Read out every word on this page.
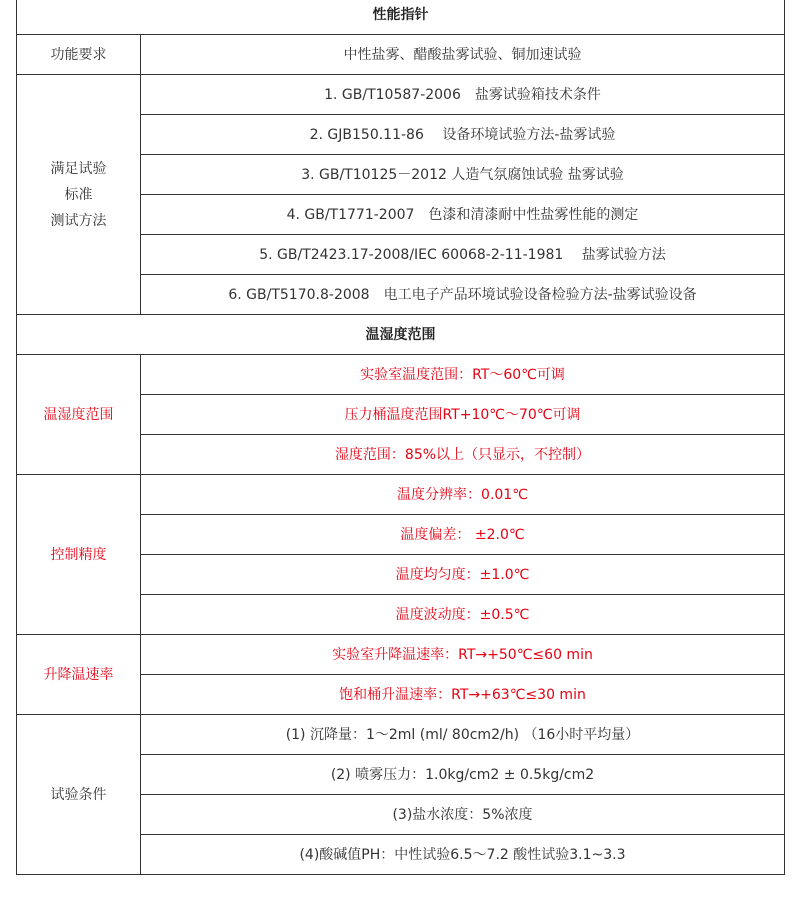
性能指针	
功能要求	中性盐雾、醋酸盐雾试验、铜加速试验

满足试验
标准
测试方法	1. GB/T10587-2006　盐雾试验箱技术条件
	2. GJB150.11-86　 设备环境试验方法-盐雾试验
	3. GB/T10125－2012 人造气氛腐蚀试验 盐雾试验
	4. GB/T1771-2007　色漆和清漆耐中性盐雾性能的测定
	5. GB/T2423.17-2008/IEC 60068-2-11-1981　 盐雾试验方法
	6. GB/T5170.8-2008　电工电子产品环境试验设备检验方法-盐雾试验设备
温湿度范围	
温湿度范围	实验室温度范围：RT～60℃可调
	压力桶温度范围RT+10℃～70℃可调
	湿度范围：85%以上（只显示，不控制）
控制精度	温度分辨率：0.01℃
	温度偏差： ±2.0℃
	温度均匀度：±1.0℃
	温度波动度：±0.5℃
升降温速率	实验室升降温速率：RT→+50℃≤60 min
	饱和桶升温速率：RT→+63℃≤30 min
试验条件	(1) 沉降量：1～2ml (ml/ 80cm2/h) （16小时平均量）
	(2) 喷雾压力：1.0kg/cm2 ± 0.5kg/cm2
	(3)盐水浓度：5%浓度
	(4)酸碱值PH：中性试验6.5～7.2 酸性试验3.1~3.3
